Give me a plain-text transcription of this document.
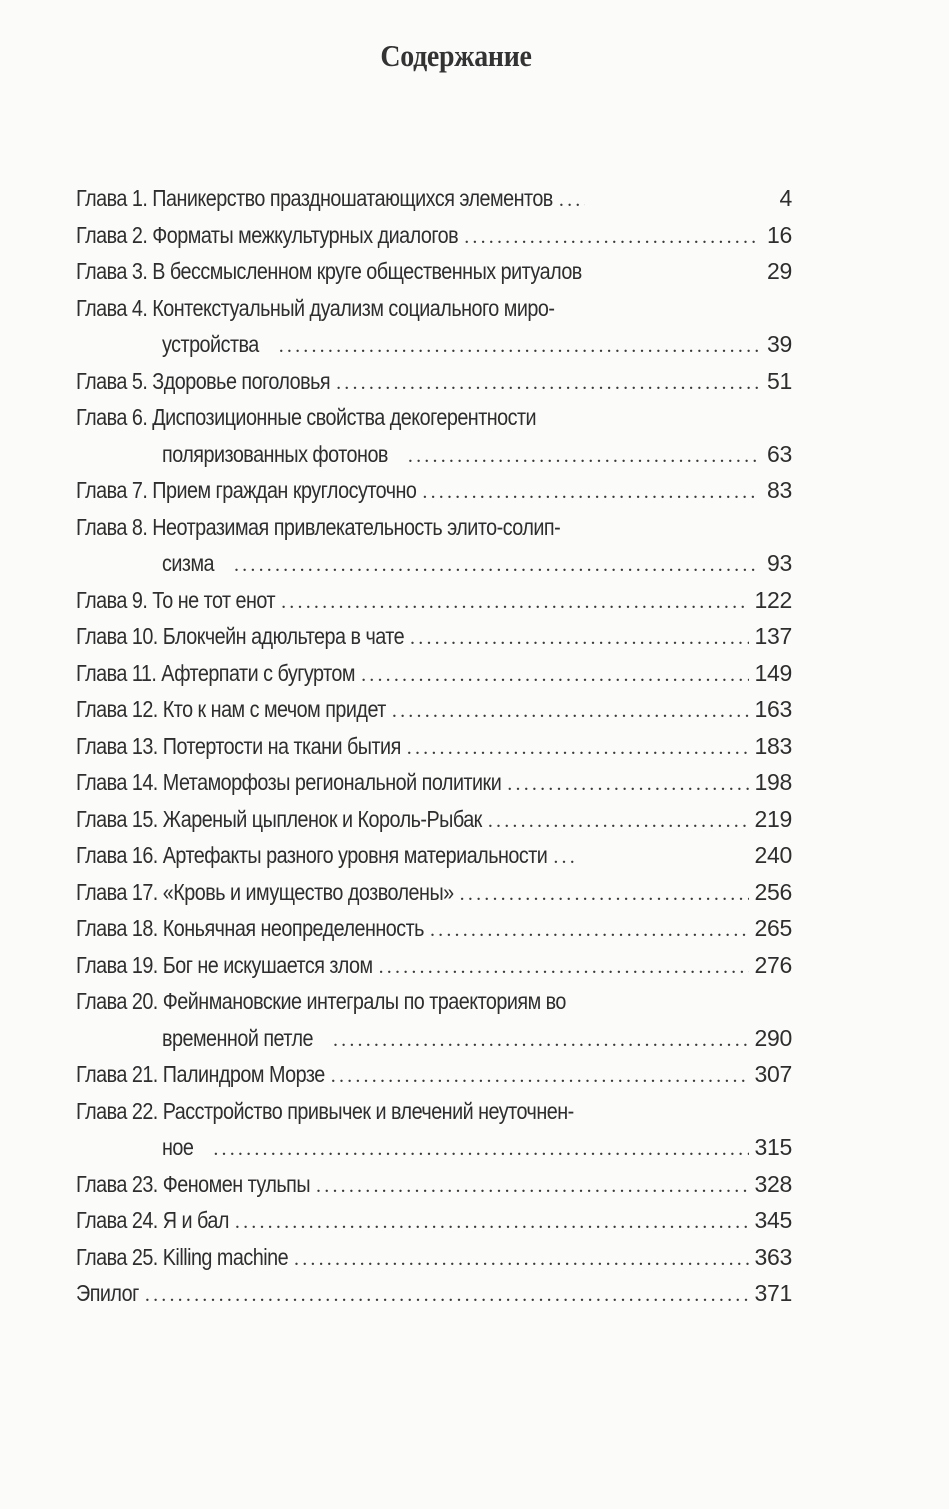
Содержание
Глава 1. Паникерство праздношатающихся элементов .....	4
Глава 2. Форматы межкультурных диалогов .....	16
Глава 3. В бессмысленном круге общественных ритуалов	29
Глава 4. Контекстуальный дуализм социального миро-
устройства .....	39
Глава 5. Здоровье поголовья .....	51
Глава 6. Диспозиционные свойства декогерентности
поляризованных фотонов .....	63
Глава 7. Прием граждан круглосуточно .....	83
Глава 8. Неотразимая привлекательность элито-солип-
сизма .....	93
Глава 9. То не тот енот .....	122
Глава 10. Блокчейн адюльтера в чате .....	137
Глава 11. Афтерпати с бугуртом .....	149
Глава 12. Кто к нам с мечом придет .....	163
Глава 13. Потертости на ткани бытия .....	183
Глава 14. Метаморфозы региональной политики .....	198
Глава 15. Жареный цыпленок и Король-Рыбак .....	219
Глава 16. Артефакты разного уровня материальности .....	240
Глава 17. «Кровь и имущество дозволены» .....	256
Глава 18. Коньячная неопределенность .....	265
Глава 19. Бог не искушается злом .....	276
Глава 20. Фейнмановские интегралы по траекториям во
временной петле .....	290
Глава 21. Палиндром Морзе .....	307
Глава 22. Расстройство привычек и влечений неуточнен-
ное .....	315
Глава 23. Феномен тульпы .....	328
Глава 24. Я и бал .....	345
Глава 25. Killing machine .....	363
Эпилог .....	371
